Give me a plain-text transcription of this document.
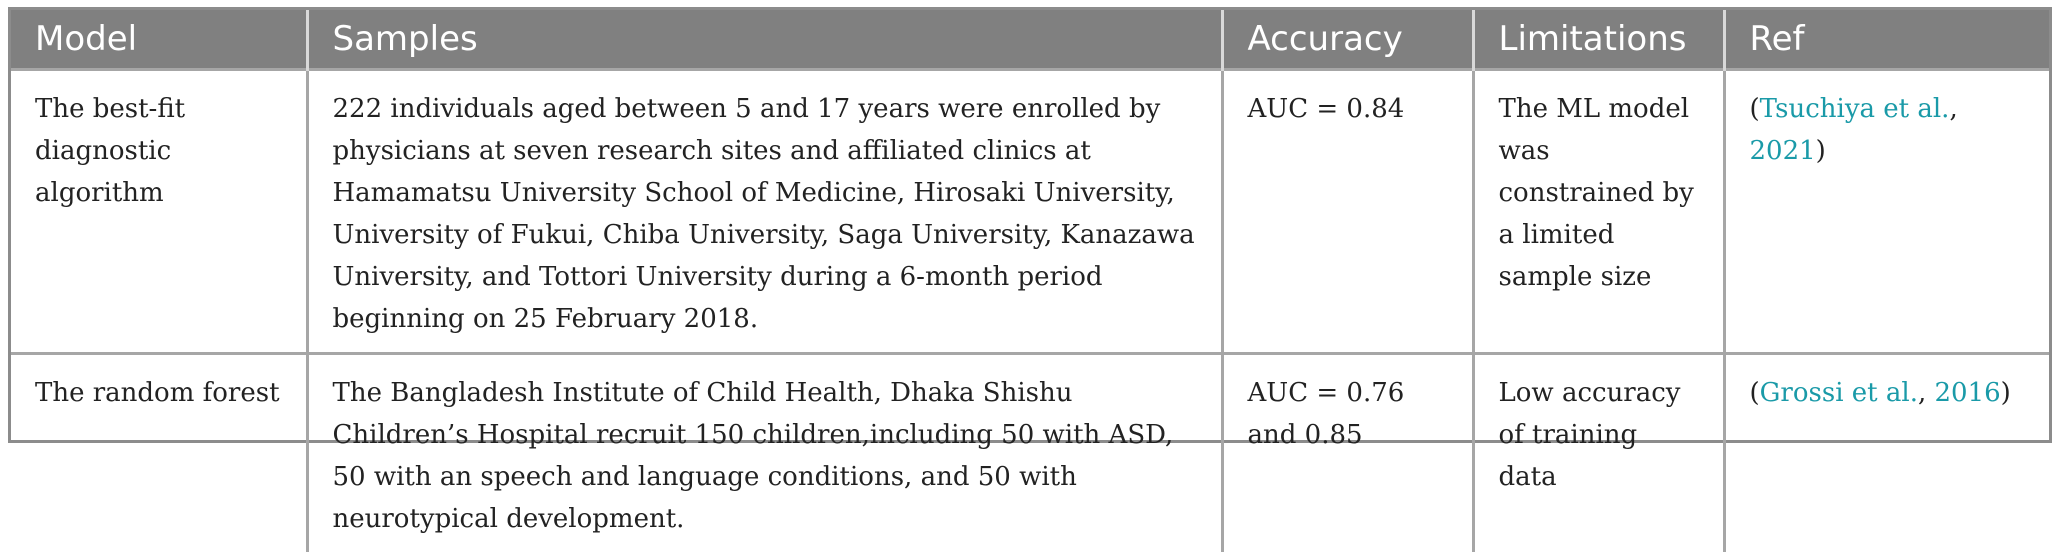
Model	Samples	Accuracy	Limitations	Ref
The best-fit diagnostic algorithm	222 individuals aged between 5 and 17 years were enrolled by physicians at seven research sites and affiliated clinics at Hamamatsu University School of Medicine, Hirosaki University, University of Fukui, Chiba University, Saga University, Kanazawa University, and Tottori University during a 6-month period beginning on 25 February 2018.	AUC = 0.84	The ML model was constrained by a limited sample size	(Tsuchiya et al., 2021)
The random forest	The Bangladesh Institute of Child Health, Dhaka Shishu Children’s Hospital recruit 150 children,including 50 with ASD, 50 with an speech and language conditions, and 50 with neurotypical development.	AUC = 0.76 and 0.85	Low accuracy of training data	(Grossi et al., 2016)
